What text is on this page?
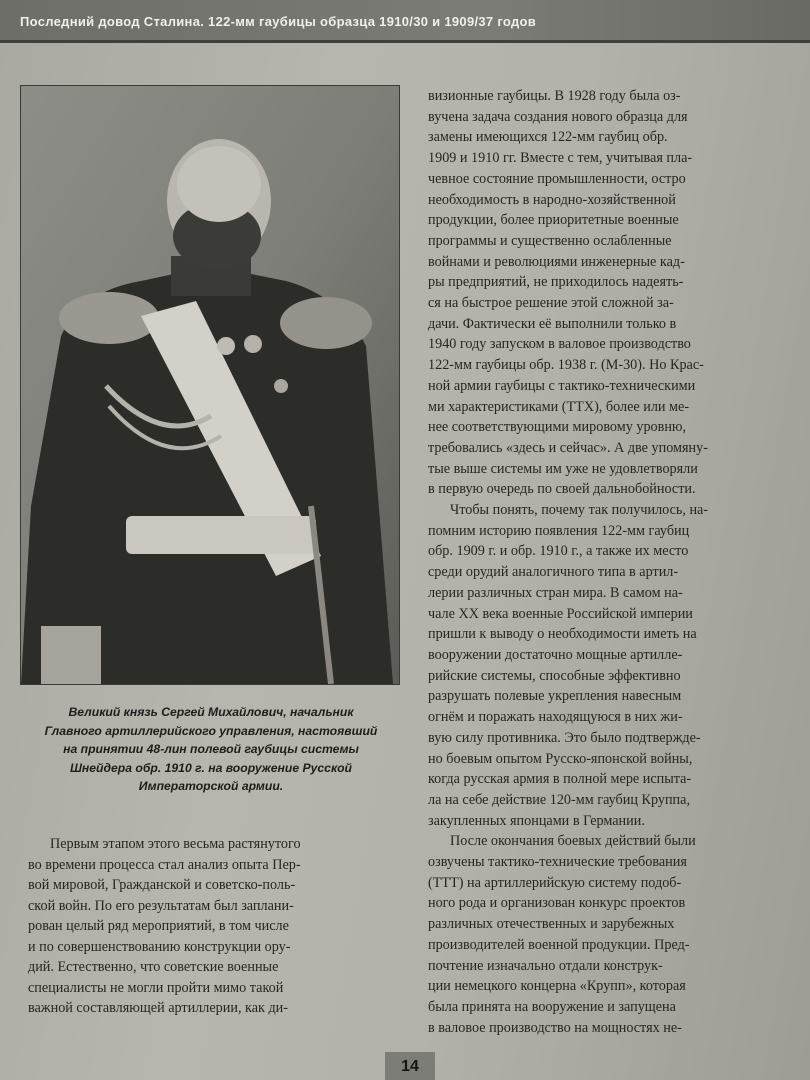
Последний довод Сталина. 122-мм гаубицы образца 1910/30 и 1909/37 годов
Великий князь Сергей Михайлович, начальник
Главного артиллерийского управления, настоявший
на принятии 48-лин полевой гаубицы системы
Шнейдера обр. 1910 г. на вооружение Русской
Императорской армии.
Первым этапом этого весьма растянутого
во времени процесса стал анализ опыта Пер-
вой мировой, Гражданской и советско-поль-
ской войн. По его результатам был заплани-
рован целый ряд мероприятий, в том числе
и по совершенствованию конструкции ору-
дий. Естественно, что советские военные
специалисты не могли пройти мимо такой
важной составляющей артиллерии, как ди-
визионные гаубицы. В 1928 году была оз-
вучена задача создания нового образца для
замены имеющихся 122-мм гаубиц обр.
1909 и 1910 гг. Вместе с тем, учитывая пла-
чевное состояние промышленности, остро
необходимость в народно-хозяйственной
продукции, более приоритетные военные
программы и существенно ослабленные
войнами и революциями инженерные кад-
ры предприятий, не приходилось надеять-
ся на быстрое решение этой сложной за-
дачи. Фактически её выполнили только в
1940 году запуском в валовое производство
122-мм гаубицы обр. 1938 г. (М-30). Но Крас-
ной армии гаубицы с тактико-техническими
ми характеристиками (ТТХ), более или ме-
нее соответствующими мировому уровню,
требовались «здесь и сейчас». А две упомяну-
тые выше системы им уже не удовлетворяли
в первую очередь по своей дальнобойности.
Чтобы понять, почему так получилось, на-
помним историю появления 122-мм гаубиц
обр. 1909 г. и обр. 1910 г., а также их место
среди орудий аналогичного типа в артил-
лерии различных стран мира. В самом на-
чале XX века военные Российской империи
пришли к выводу о необходимости иметь на
вооружении достаточно мощные артилле-
рийские системы, способные эффективно
разрушать полевые укрепления навесным
огнём и поражать находящуюся в них жи-
вую силу противника. Это было подтвержде-
но боевым опытом Русско-японской войны,
когда русская армия в полной мере испыта-
ла на себе действие 120-мм гаубиц Круппа,
закупленных японцами в Германии.
После окончания боевых действий были
озвучены тактико-технические требования
(ТТТ) на артиллерийскую систему подоб-
ного рода и организован конкурс проектов
различных отечественных и зарубежных
производителей военной продукции. Пред-
почтение изначально отдали конструк-
ции немецкого концерна «Крупп», которая
была принята на вооружение и запущена
в валовое производство на мощностях не-
14
